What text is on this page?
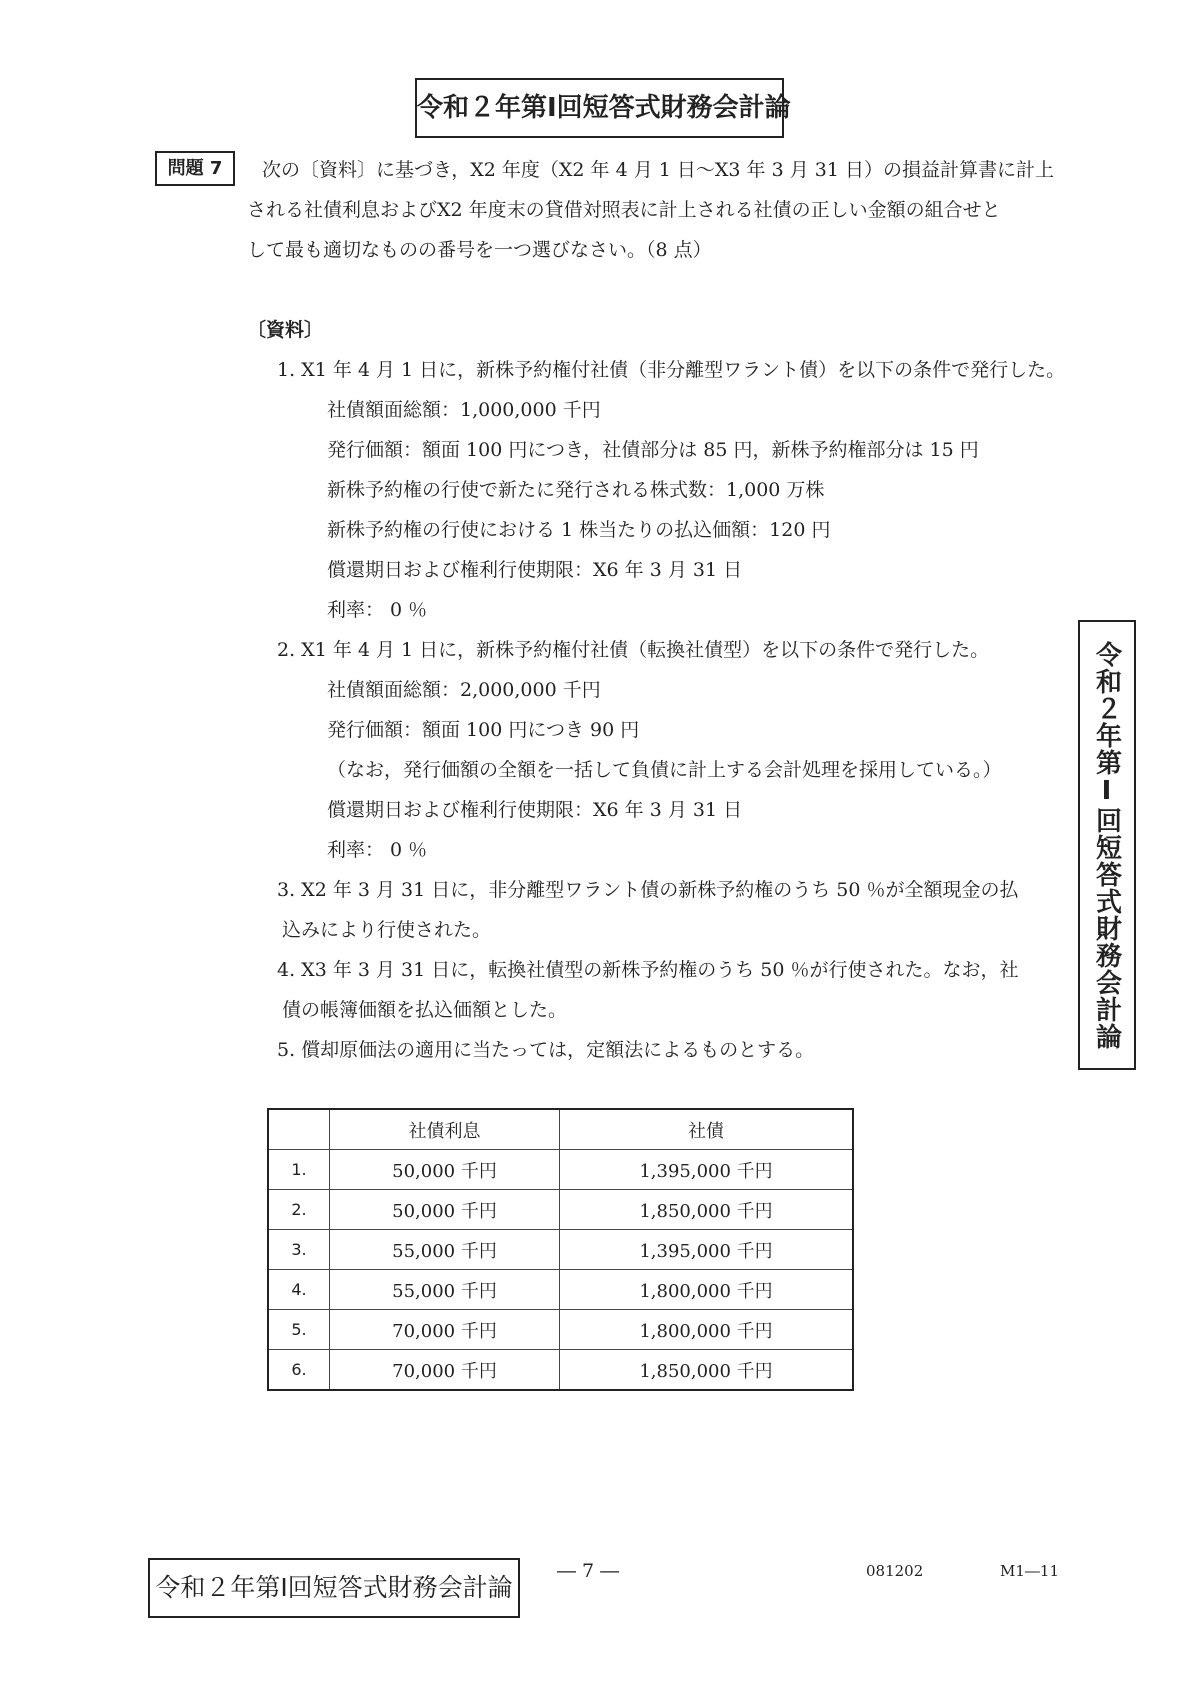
令和２年第Ⅰ回短答式財務会計論
問題 7	次の〔資料〕に基づき，X2 年度（X2 年 4 月 1 日～X3 年 3 月 31 日）の損益計算書に計上
される社債利息およびX2 年度末の貸借対照表に計上される社債の正しい金額の組合せと
して最も適切なものの番号を一つ選びなさい。（8 点）
〔資料〕
1. X1 年 4 月 1 日に，新株予約権付社債（非分離型ワラント債）を以下の条件で発行した。
社債額面総額：1,000,000 千円
発行価額：額面 100 円につき，社債部分は 85 円，新株予約権部分は 15 円
新株予約権の行使で新たに発行される株式数：1,000 万株
新株予約権の行使における 1 株当たりの払込価額：120 円
償還期日および権利行使期限：X6 年 3 月 31 日
利率： 0 ％
2. X1 年 4 月 1 日に，新株予約権付社債（転換社債型）を以下の条件で発行した。
社債額面総額：2,000,000 千円
発行価額：額面 100 円につき 90 円
（なお，発行価額の全額を一括して負債に計上する会計処理を採用している。）
償還期日および権利行使期限：X6 年 3 月 31 日
利率： 0 ％
3. X2 年 3 月 31 日に，非分離型ワラント債の新株予約権のうち 50 ％が全額現金の払
込みにより行使された。
4. X3 年 3 月 31 日に，転換社債型の新株予約権のうち 50 ％が行使された。なお，社
債の帳簿価額を払込価額とした。
5. 償却原価法の適用に当たっては，定額法によるものとする。
令和２年第Ⅰ回短答式財務会計論
	社債利息	社債
1.	50,000 千円	1,395,000 千円
2.	50,000 千円	1,850,000 千円
3.	55,000 千円	1,395,000 千円
4.	55,000 千円	1,800,000 千円
5.	70,000 千円	1,800,000 千円
6.	70,000 千円	1,850,000 千円
令和２年第Ⅰ回短答式財務会計論
― 7 ―	081202	M1―11
